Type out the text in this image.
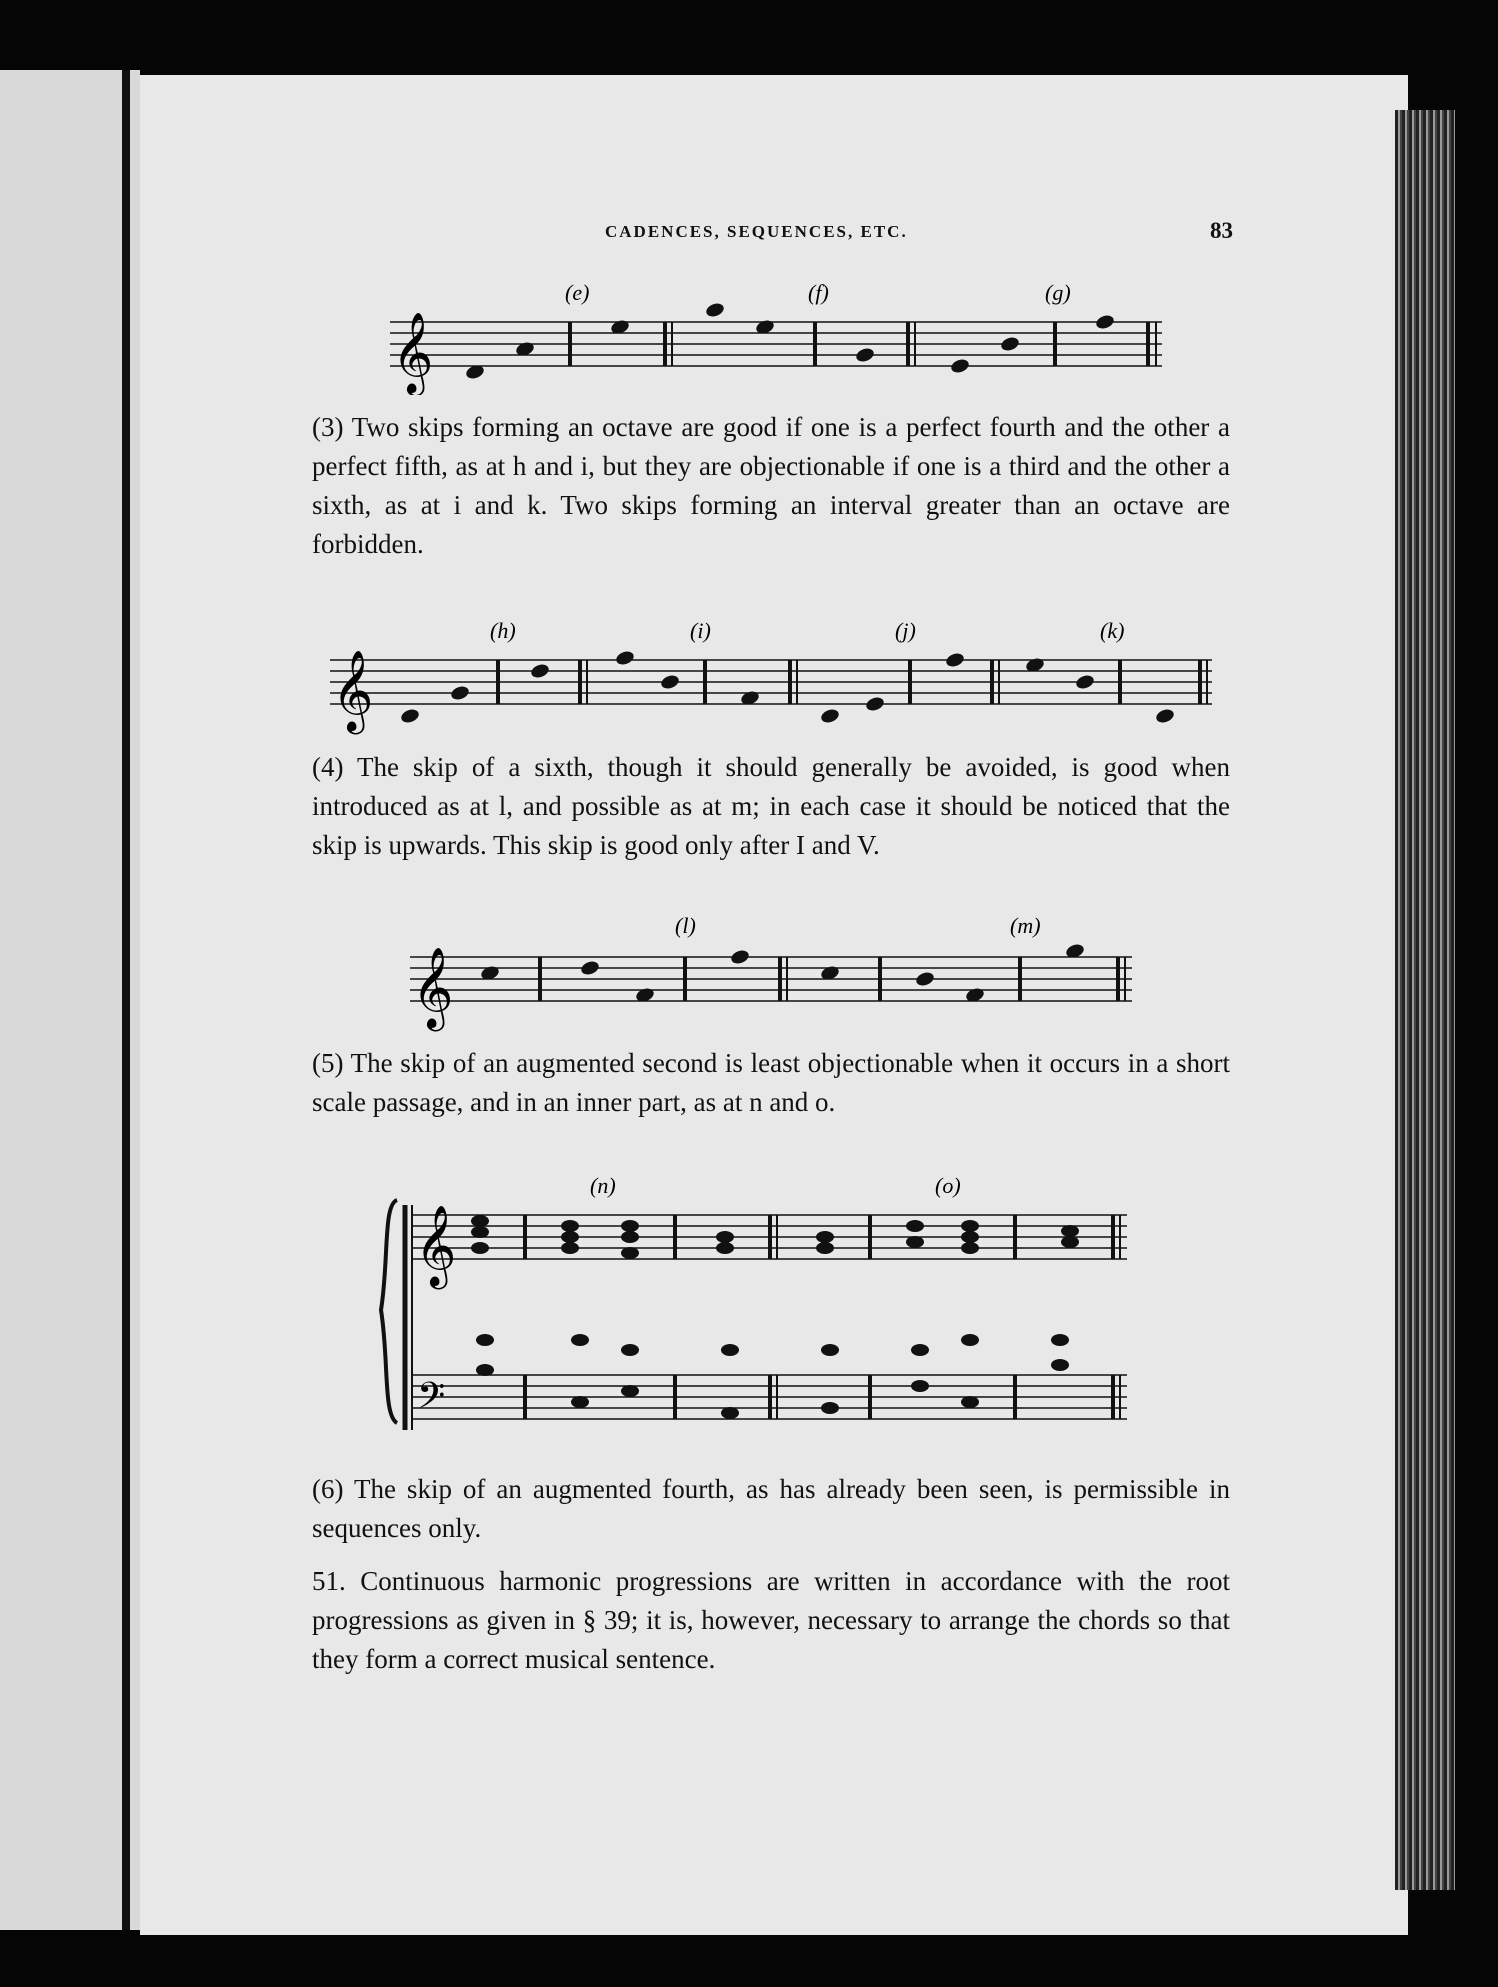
CADENCES, SEQUENCES, ETC.	83
𝄞
(e)	(f)	(g)

(3) Two skips forming an octave are good if one is a perfect fourth and the other a perfect fifth, as at h and i, but they are objectionable if one is a third and the other a sixth, as at i and k. Two skips forming an interval greater than an octave are forbidden.

𝄞
(h)	(i)	(j)	(k)

(4) The skip of a sixth, though it should generally be avoided, is good when introduced as at l, and possible as at m; in each case it should be noticed that the skip is upwards. This skip is good only after I and V.

𝄞
(l)	(m)

(5) The skip of an augmented second is least objectionable when it occurs in a short scale passage, and in an inner part, as at n and o.

(n)	(o)
𝄞
𝄢

(6) The skip of an augmented fourth, as has already been seen, is permissible in sequences only.

51. Continuous harmonic progressions are written in accordance with the root progressions as given in § 39; it is, however, necessary to arrange the chords so that they form a correct musical sentence.
